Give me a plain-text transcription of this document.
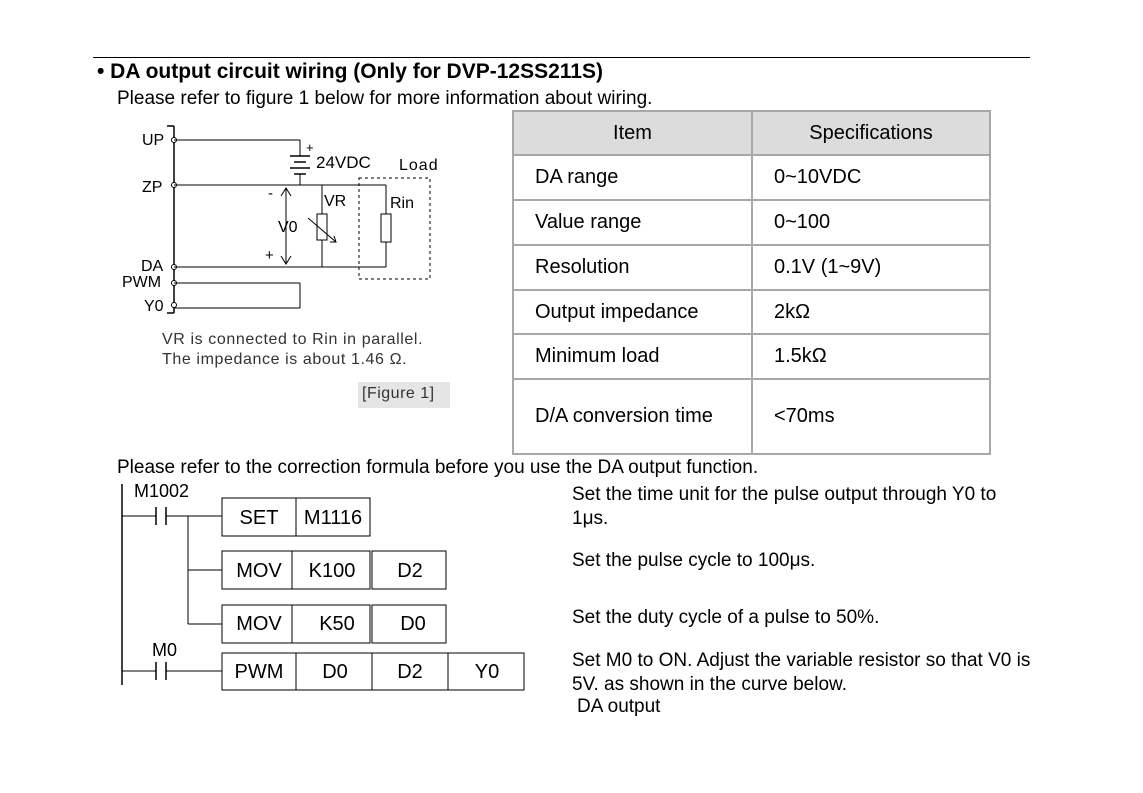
• DA output circuit wiring (Only for DVP-12SS211S)
Please refer to figure 1 below for more information about wiring.
UP
ZP
DA
PWM
Y0
+
24VDC Load
-
+
V0
VR	Rin
VR is connected to Rin in parallel.
The impedance is about 1.46 Ω.
[Figure 1]
Item	Specifications
DA range	0~10VDC
Value range	0~100
Resolution	0.1V (1~9V)
Output impedance	2kΩ
Minimum load	1.5kΩ
D/A conversion time	<70ms
Please refer to the correction formula before you use the DA output function.
M1002
SET M1116
MOV K100 D2
MOV K50 D0
M0
PWM D0 D2	Y0
Set the time unit for the pulse output through Y0 to 1μs.
Set the pulse cycle to 100μs.
Set the duty cycle of a pulse to 50%.
Set M0 to ON. Adjust the variable resistor so that V0 is 5V. as shown in the curve below.
DA output
